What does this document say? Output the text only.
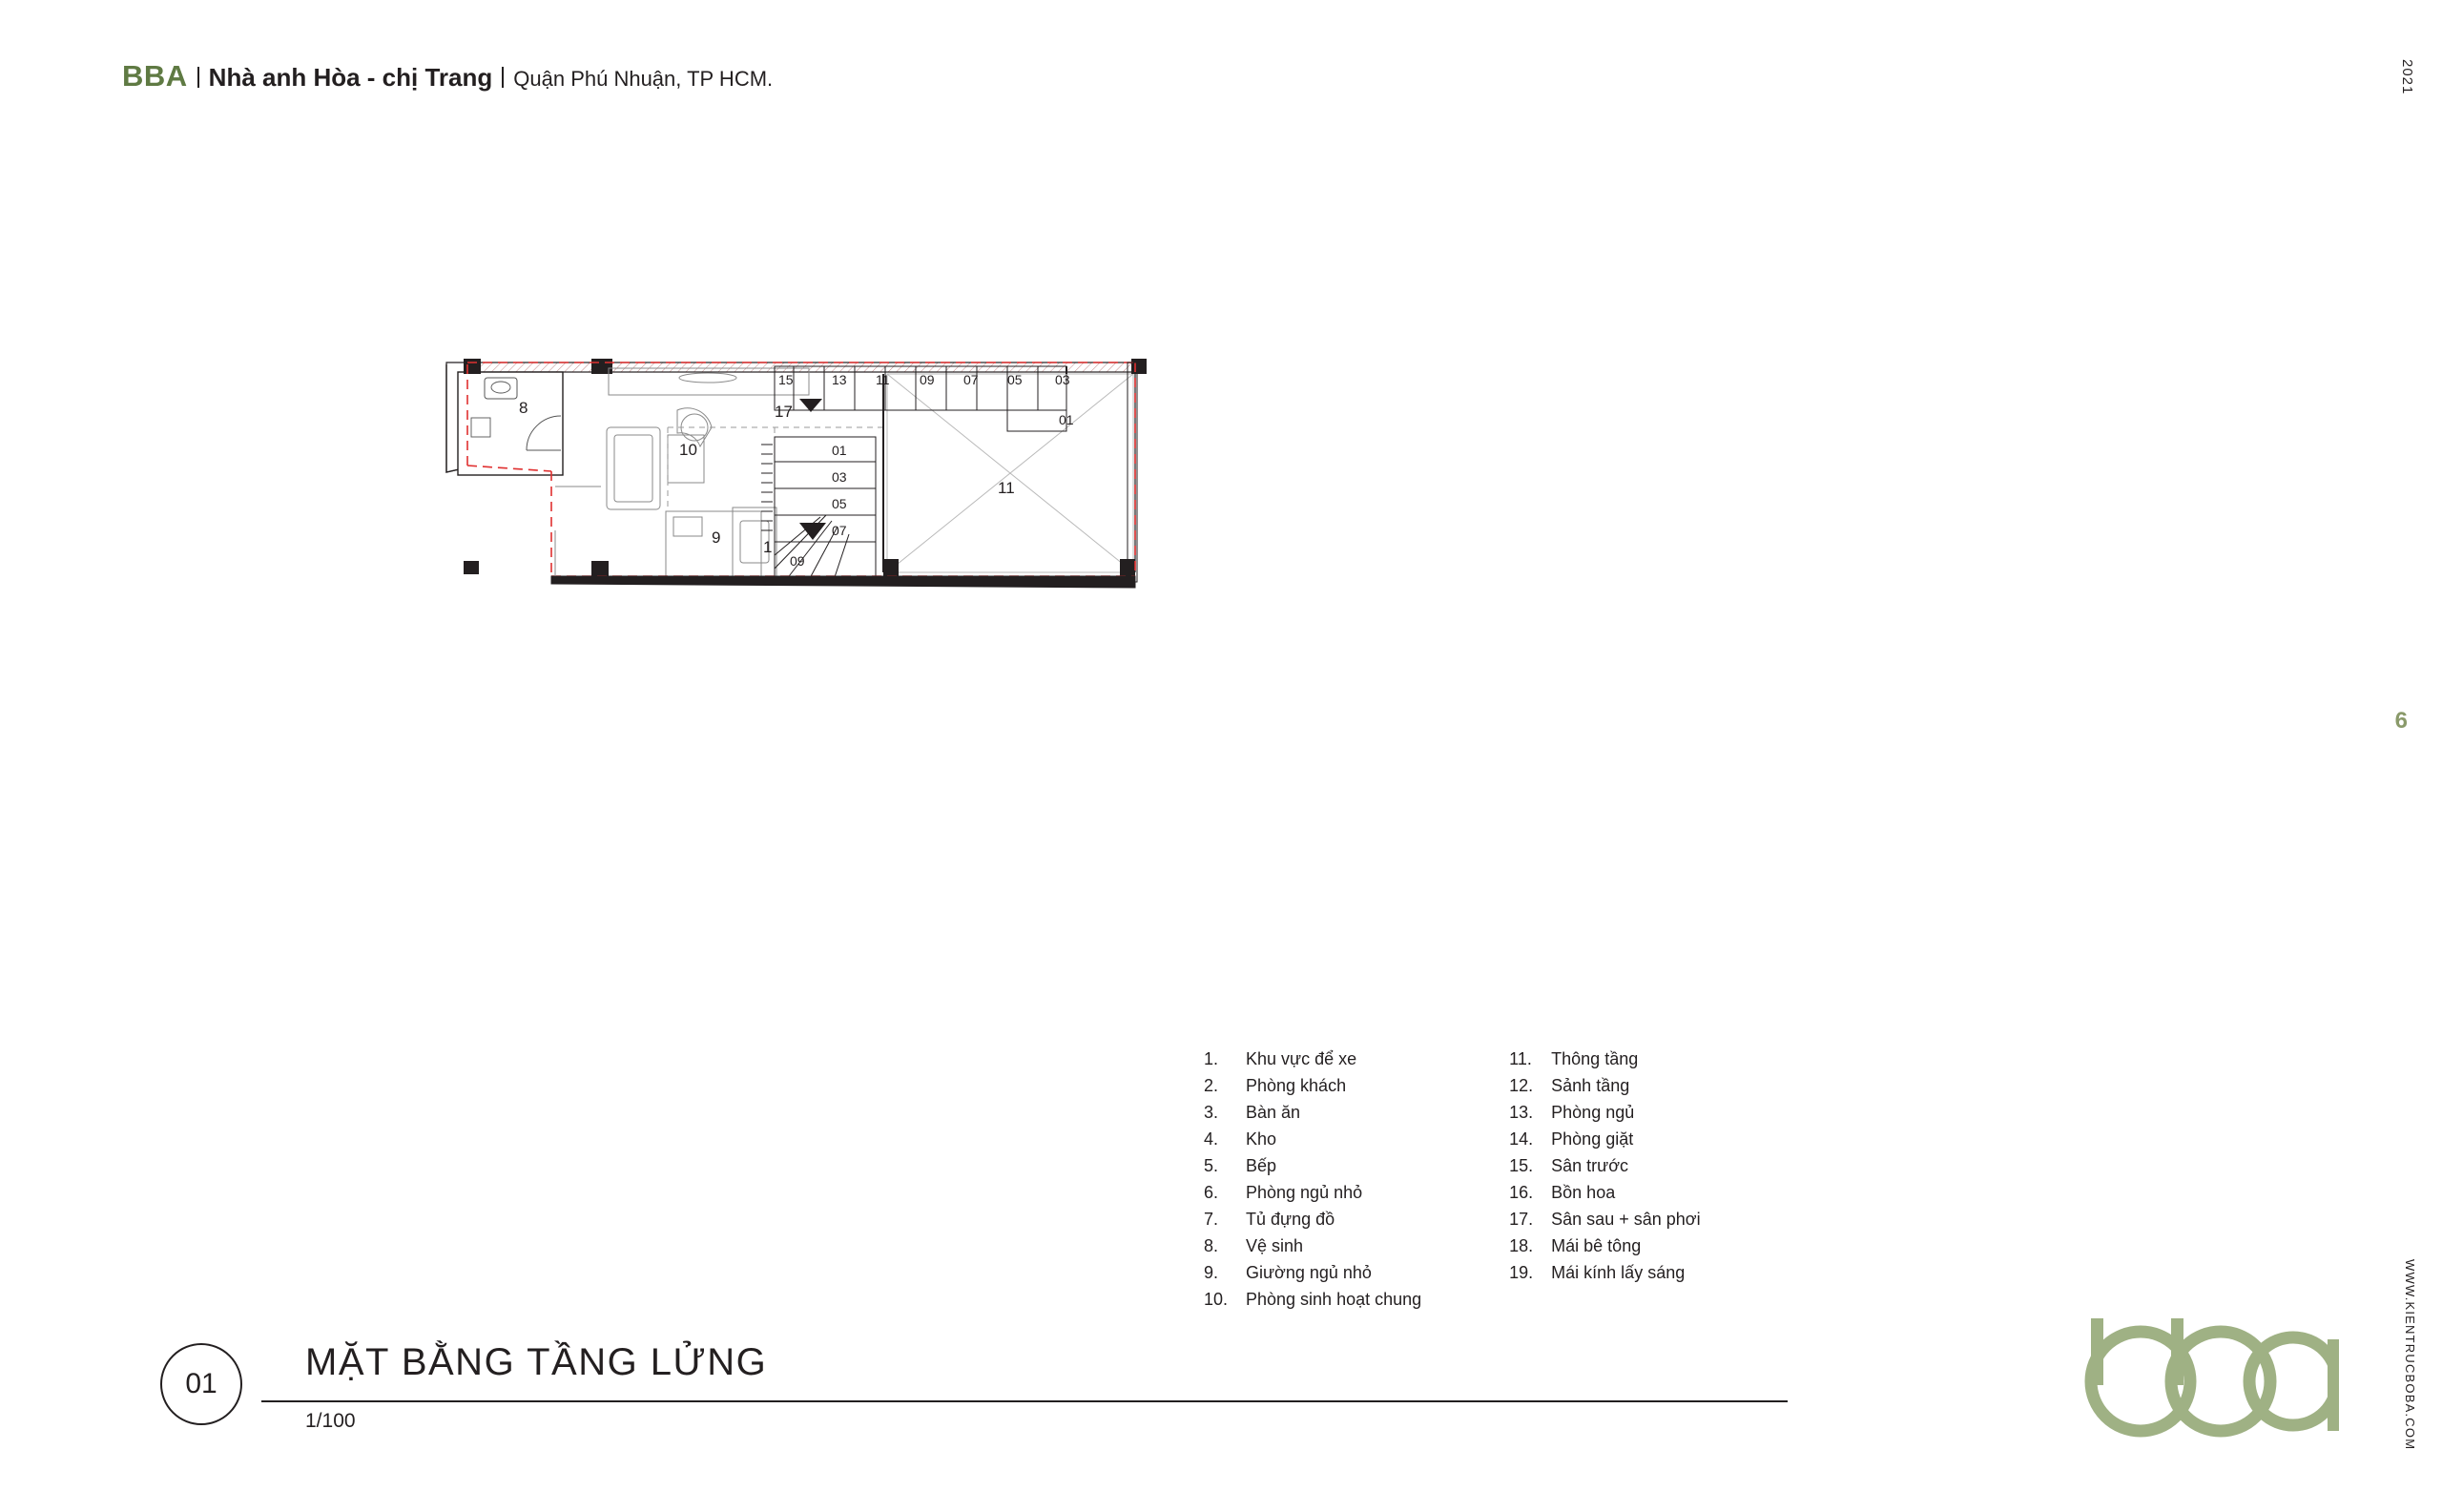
BBA Nhà anh Hòa - chị Trang Quận Phú Nhuận, TP HCM.	2021
6
WWW.KIENTRUCBOBA.COM
8
10
9
11
17
1
15	13 11 09 07 05 03
01
01
03
05
07
09
1.	Khu vực để xe
2.	Phòng khách
3.	Bàn ăn
4.	Kho
5.	Bếp
6.	Phòng ngủ nhỏ
7.	Tủ đựng đồ
8.	Vệ sinh
9.	Giường ngủ nhỏ
10.	Phòng sinh hoạt chung
11.	Thông tầng
12.	Sảnh tầng
13.	Phòng ngủ
14.	Phòng giặt
15.	Sân trước
16.	Bồn hoa
17.	Sân sau + sân phơi
18.	Mái bê tông
19.	Mái kính lấy sáng
01
MẶT BẰNG TẦNG LỬNG
1/100
